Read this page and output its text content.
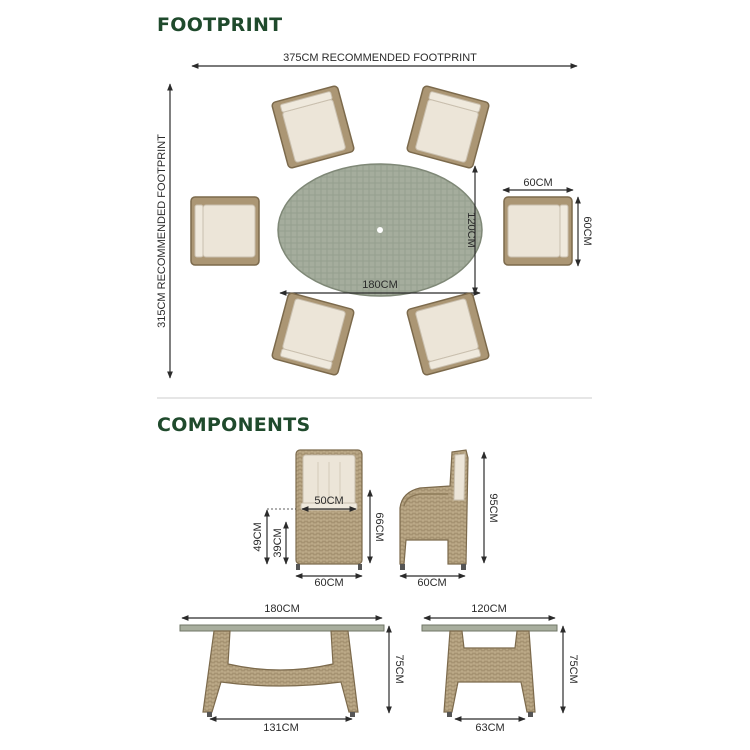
FOOTPRINT
COMPONENTS
375CM RECOMMENDED FOOTPRINT
315CM RECOMMENDED FOOTPRINT	180CM
120CM
60CM
60CM
50CM
66CM
49CM 39CM
60CM
95CM
60CM
180CM
75CM
131CM
120CM
75CM
63CM
